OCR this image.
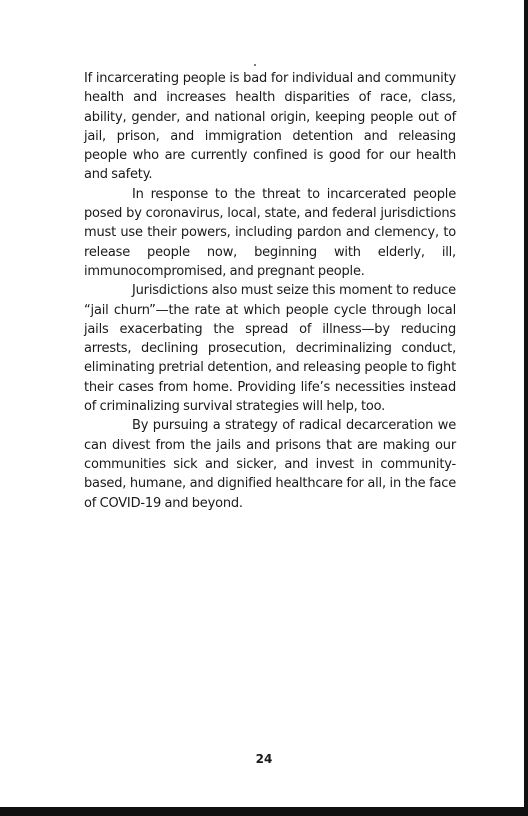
If incarcerating people is bad for individual and community health and increases health disparities of race, class, ability, gender, and national origin, keeping people out of jail, prison, and immigration detention and releasing people who are currently confined is good for our health and safety.

In response to the threat to incarcerated people posed by coronavirus, local, state, and federal jurisdictions must use their powers, including pardon and clemency, to release people now, beginning with elderly, ill, immunocompromised, and pregnant people.

Jurisdictions also must seize this moment to reduce “jail churn”—the rate at which people cycle through local jails exacerbating the spread of illness—by reducing arrests, declining prosecution, decriminalizing conduct, eliminating pretrial detention, and releasing people to fight their cases from home. Providing life’s necessities instead of criminalizing survival strategies will help, too.

By pursuing a strategy of radical decarceration we can divest from the jails and prisons that are making our communities sick and sicker, and invest in community-based, humane, and dignified healthcare for all, in the face of COVID-19 and beyond.

24
